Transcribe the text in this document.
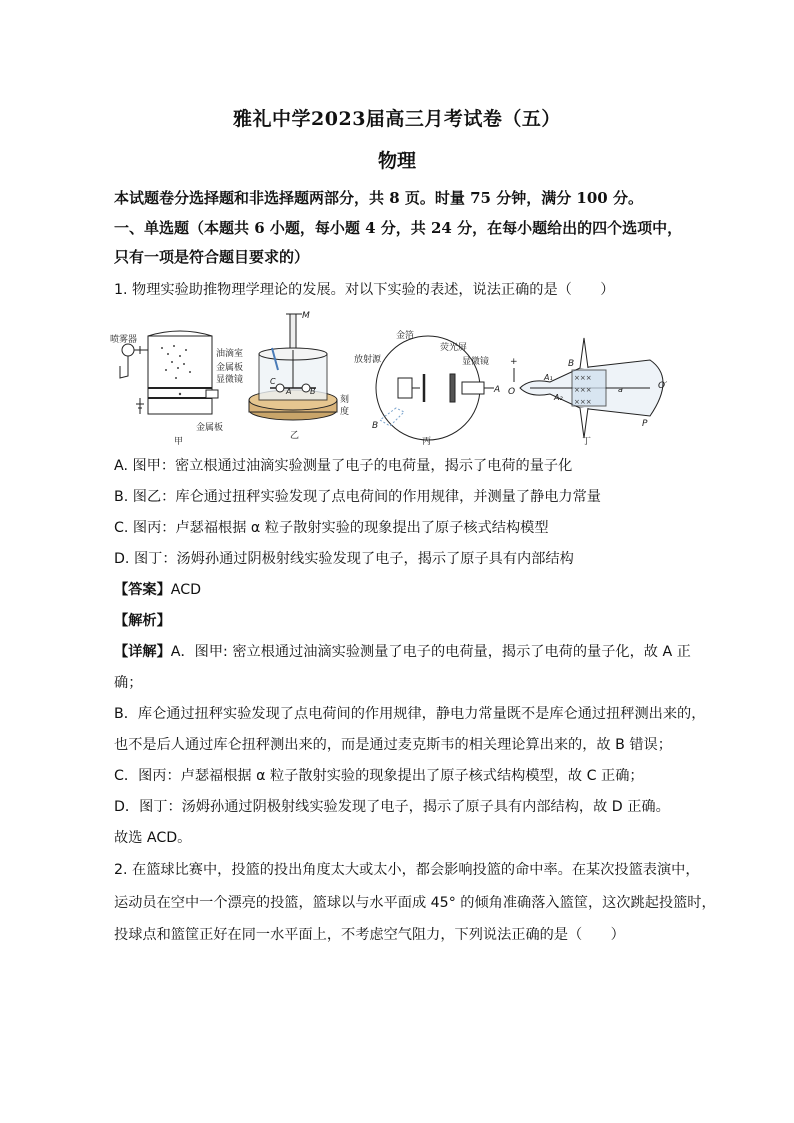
雅礼中学2023届高三月考试卷（五）
物理
本试题卷分选择题和非选择题两部分，共 8 页。时量 75 分钟，满分 100 分。
一、单选题（本题共 6 小题，每小题 4 分，共 24 分，在每小题给出的四个选项中，
只有一项是符合题目要求的）
1. 物理实验助推物理学理论的发展。对以下实验的表述，说法正确的是（　　）
喷雾器
油滴室
金属板
显微镜
金属板
甲
M
C
A B
刻
度
乙
金箔
放射源
荧光屏
显微镜
A
B
丙
×××
×××
×××
+	B
A₁
A₂
O
O′
a
P
丁
A. 图甲：密立根通过油滴实验测量了电子的电荷量，揭示了电荷的量子化
B. 图乙：库仑通过扭秤实验发现了点电荷间的作用规律，并测量了静电力常量
C. 图丙：卢瑟福根据 α 粒子散射实验的现象提出了原子核式结构模型
D. 图丁：汤姆孙通过阴极射线实验发现了电子，揭示了原子具有内部结构
【答案】ACD
【解析】
【详解】A．图甲: 密立根通过油滴实验测量了电子的电荷量，揭示了电荷的量子化，故 A 正
确；
B．库仑通过扭秤实验发现了点电荷间的作用规律，静电力常量既不是库仑通过扭秤测出来的，
也不是后人通过库仑扭秤测出来的，而是通过麦克斯韦的相关理论算出来的，故 B 错误；
C．图丙：卢瑟福根据 α 粒子散射实验的现象提出了原子核式结构模型，故 C 正确；
D．图丁：汤姆孙通过阴极射线实验发现了电子，揭示了原子具有内部结构，故 D 正确。
故选 ACD。
2. 在篮球比赛中，投篮的投出角度太大或太小，都会影响投篮的命中率。在某次投篮表演中，
运动员在空中一个漂亮的投篮，篮球以与水平面成 45° 的倾角准确落入篮筐，这次跳起投篮时，
投球点和篮筐正好在同一水平面上，不考虑空气阻力，下列说法正确的是（　　）
